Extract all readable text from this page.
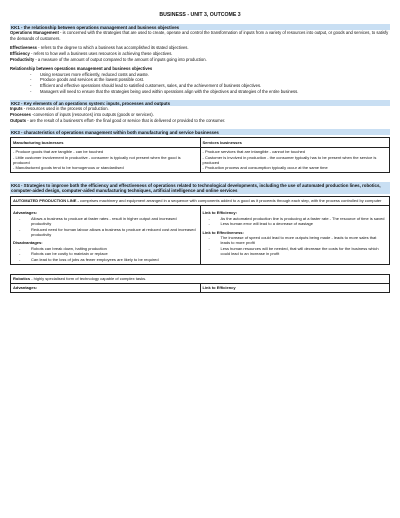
BUSINESS - UNIT 3, OUTCOME 3
KK1 - the relationship between operations management and business objectives

Operations Management - is concerned with the strategies that are used to create, operate and control the transformation of inputs from a variety of resources into output, or goods and services, to satisfy the demands of customers.

Effectiveness - refers to the degree to which a business has accomplished its stated objectives.

Efficiency - refers to how well a business uses resources in achieving these objectives.

Productivity - a measure of the amount of output compared to the amount of inputs going into production.

Relationship between operations management and business objectives

- Using resources more efficiently, reduced costs and waste.
- Produce goods and services at the lowest possible cost.
- Efficient and effective operations should lead to satisfied customers, sales, and the achievement of business objectives.
- Managers will need to ensure that the strategies being used within operations align with the objectives and strategies of the entire business.
KK2 - Key elements of an operations system: inputs, processes and outputs

Inputs - resources used in the process of production.

Processes -conversion of inputs (resources) into outputs (goods or services).

Outputs - are the result of a business's effort- the final good or service that is delivered or provided to the consumer.

KK3 - characteristics of operations management within both manufacturing and service businesses
Manufacturing businesses	Services businesses
- Produce goods that are tangible - can be touched
- Little customer involvement in productive - consumer is typically not present when the good is produced
- Manufactured goods tend to be homogenous or standardised
- Produce services that are intangible - cannot be touched
- Customer is involved in production - the consumer typically has to be present when the service is produced
- Production process and consumption typically occur at the same time
KK4 - Strategies to improve both the efficiency and effectiveness of operations related to technological developments, including the use of automated production lines, robotics, computer-aided design, computer-aided manufacturing techniques, artificial intelligence and online services
AUTOMATED PRODUCTION LINE - comprises machinery and equipment arranged in a sequence with components added to a good as it proceeds through each step, with the process controlled by computer
Advantages:
- Allows a business to produce at faster rates - result in higher output and increased productivity
- Reduced need for human labour allows a business to produce at reduced cost and increased productivity
Disadvantages:
- Robots can break down, halting production
- Robots can be costly to maintain or replace
- Can lead to the loss of jobs as fewer employees are likely to be required
Link to Efficiency:
- As the automated production line is producing at a faster rate - The resource of time is saved
- Less human error will lead to a decrease of wastage
Link to Effectiveness:
- The increase of speed could lead to more outputs being made - leads to more sales that leads to more profit
- Less human resources will be needed, that will decrease the costs for the business which could lead to an increase in profit
Robotics - highly specialised form of technology capable of complex tasks.
Advantages:	Link to Efficiency
